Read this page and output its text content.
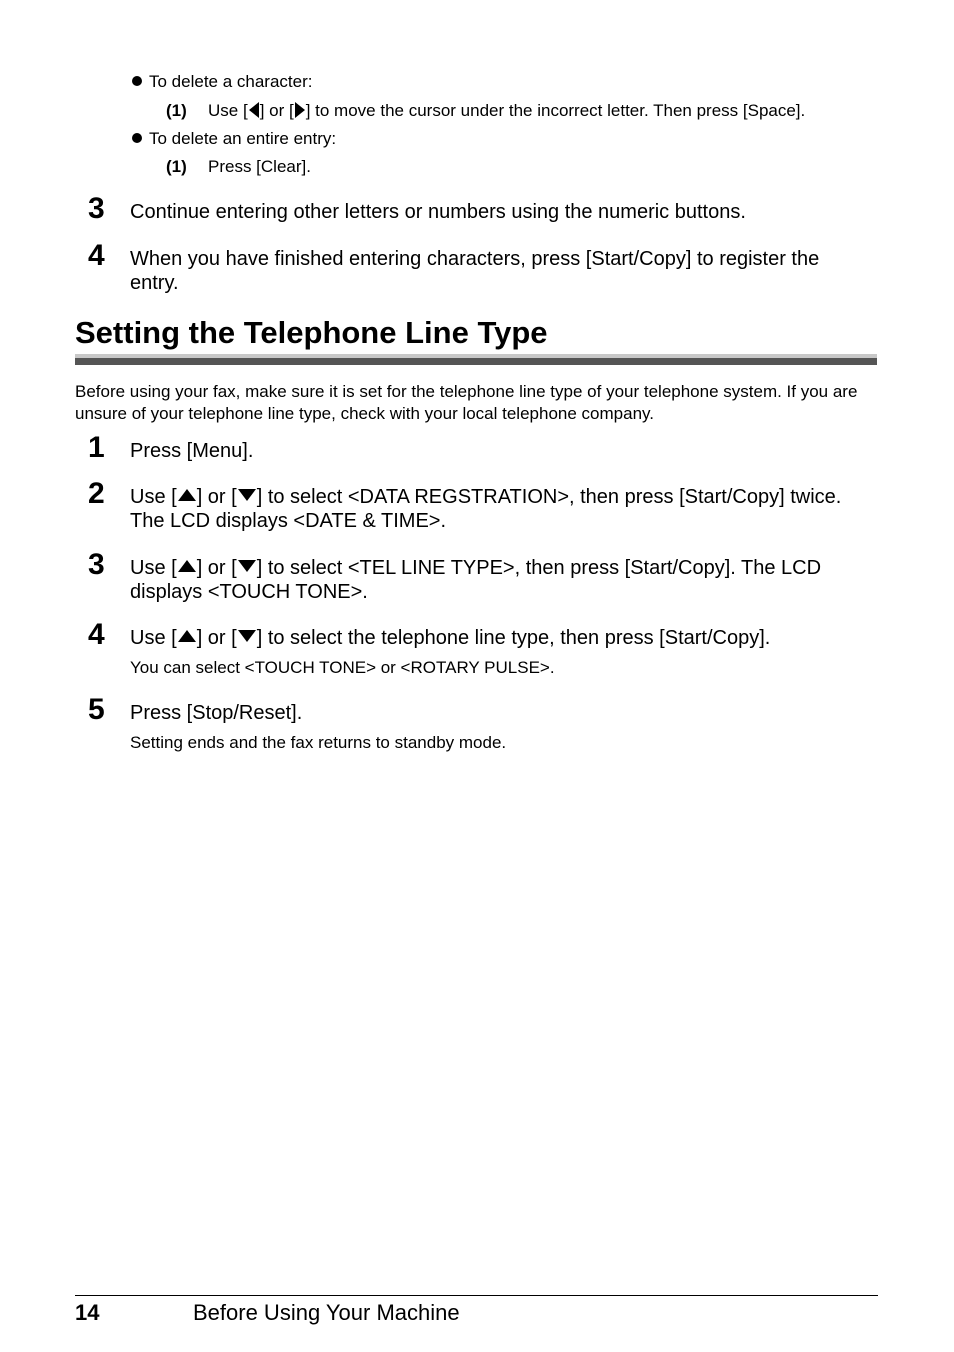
To delete a character:
(1) Use [ ] or [ ] to move the cursor under the incorrect letter. Then press [Space].
To delete an entire entry:
(1) Press [Clear].
3 Continue entering other letters or numbers using the numeric buttons.
4 When you have finished entering characters, press [Start/Copy] to register the entry.
Setting the Telephone Line Type
Before using your fax, make sure it is set for the telephone line type of your telephone system. If you are unsure of your telephone line type, check with your local telephone company.
1 Press [Menu].
2 Use [ ] or [ ] to select <DATA REGSTRATION>, then press [Start/Copy] twice. The LCD displays <DATE & TIME>.
3 Use [ ] or [ ] to select <TEL LINE TYPE>, then press [Start/Copy]. The LCD displays <TOUCH TONE>.
4 Use [ ] or [ ] to select the telephone line type, then press [Start/Copy].
You can select <TOUCH TONE> or <ROTARY PULSE>.
5 Press [Stop/Reset].
Setting ends and the fax returns to standby mode.
14	Before Using Your Machine
